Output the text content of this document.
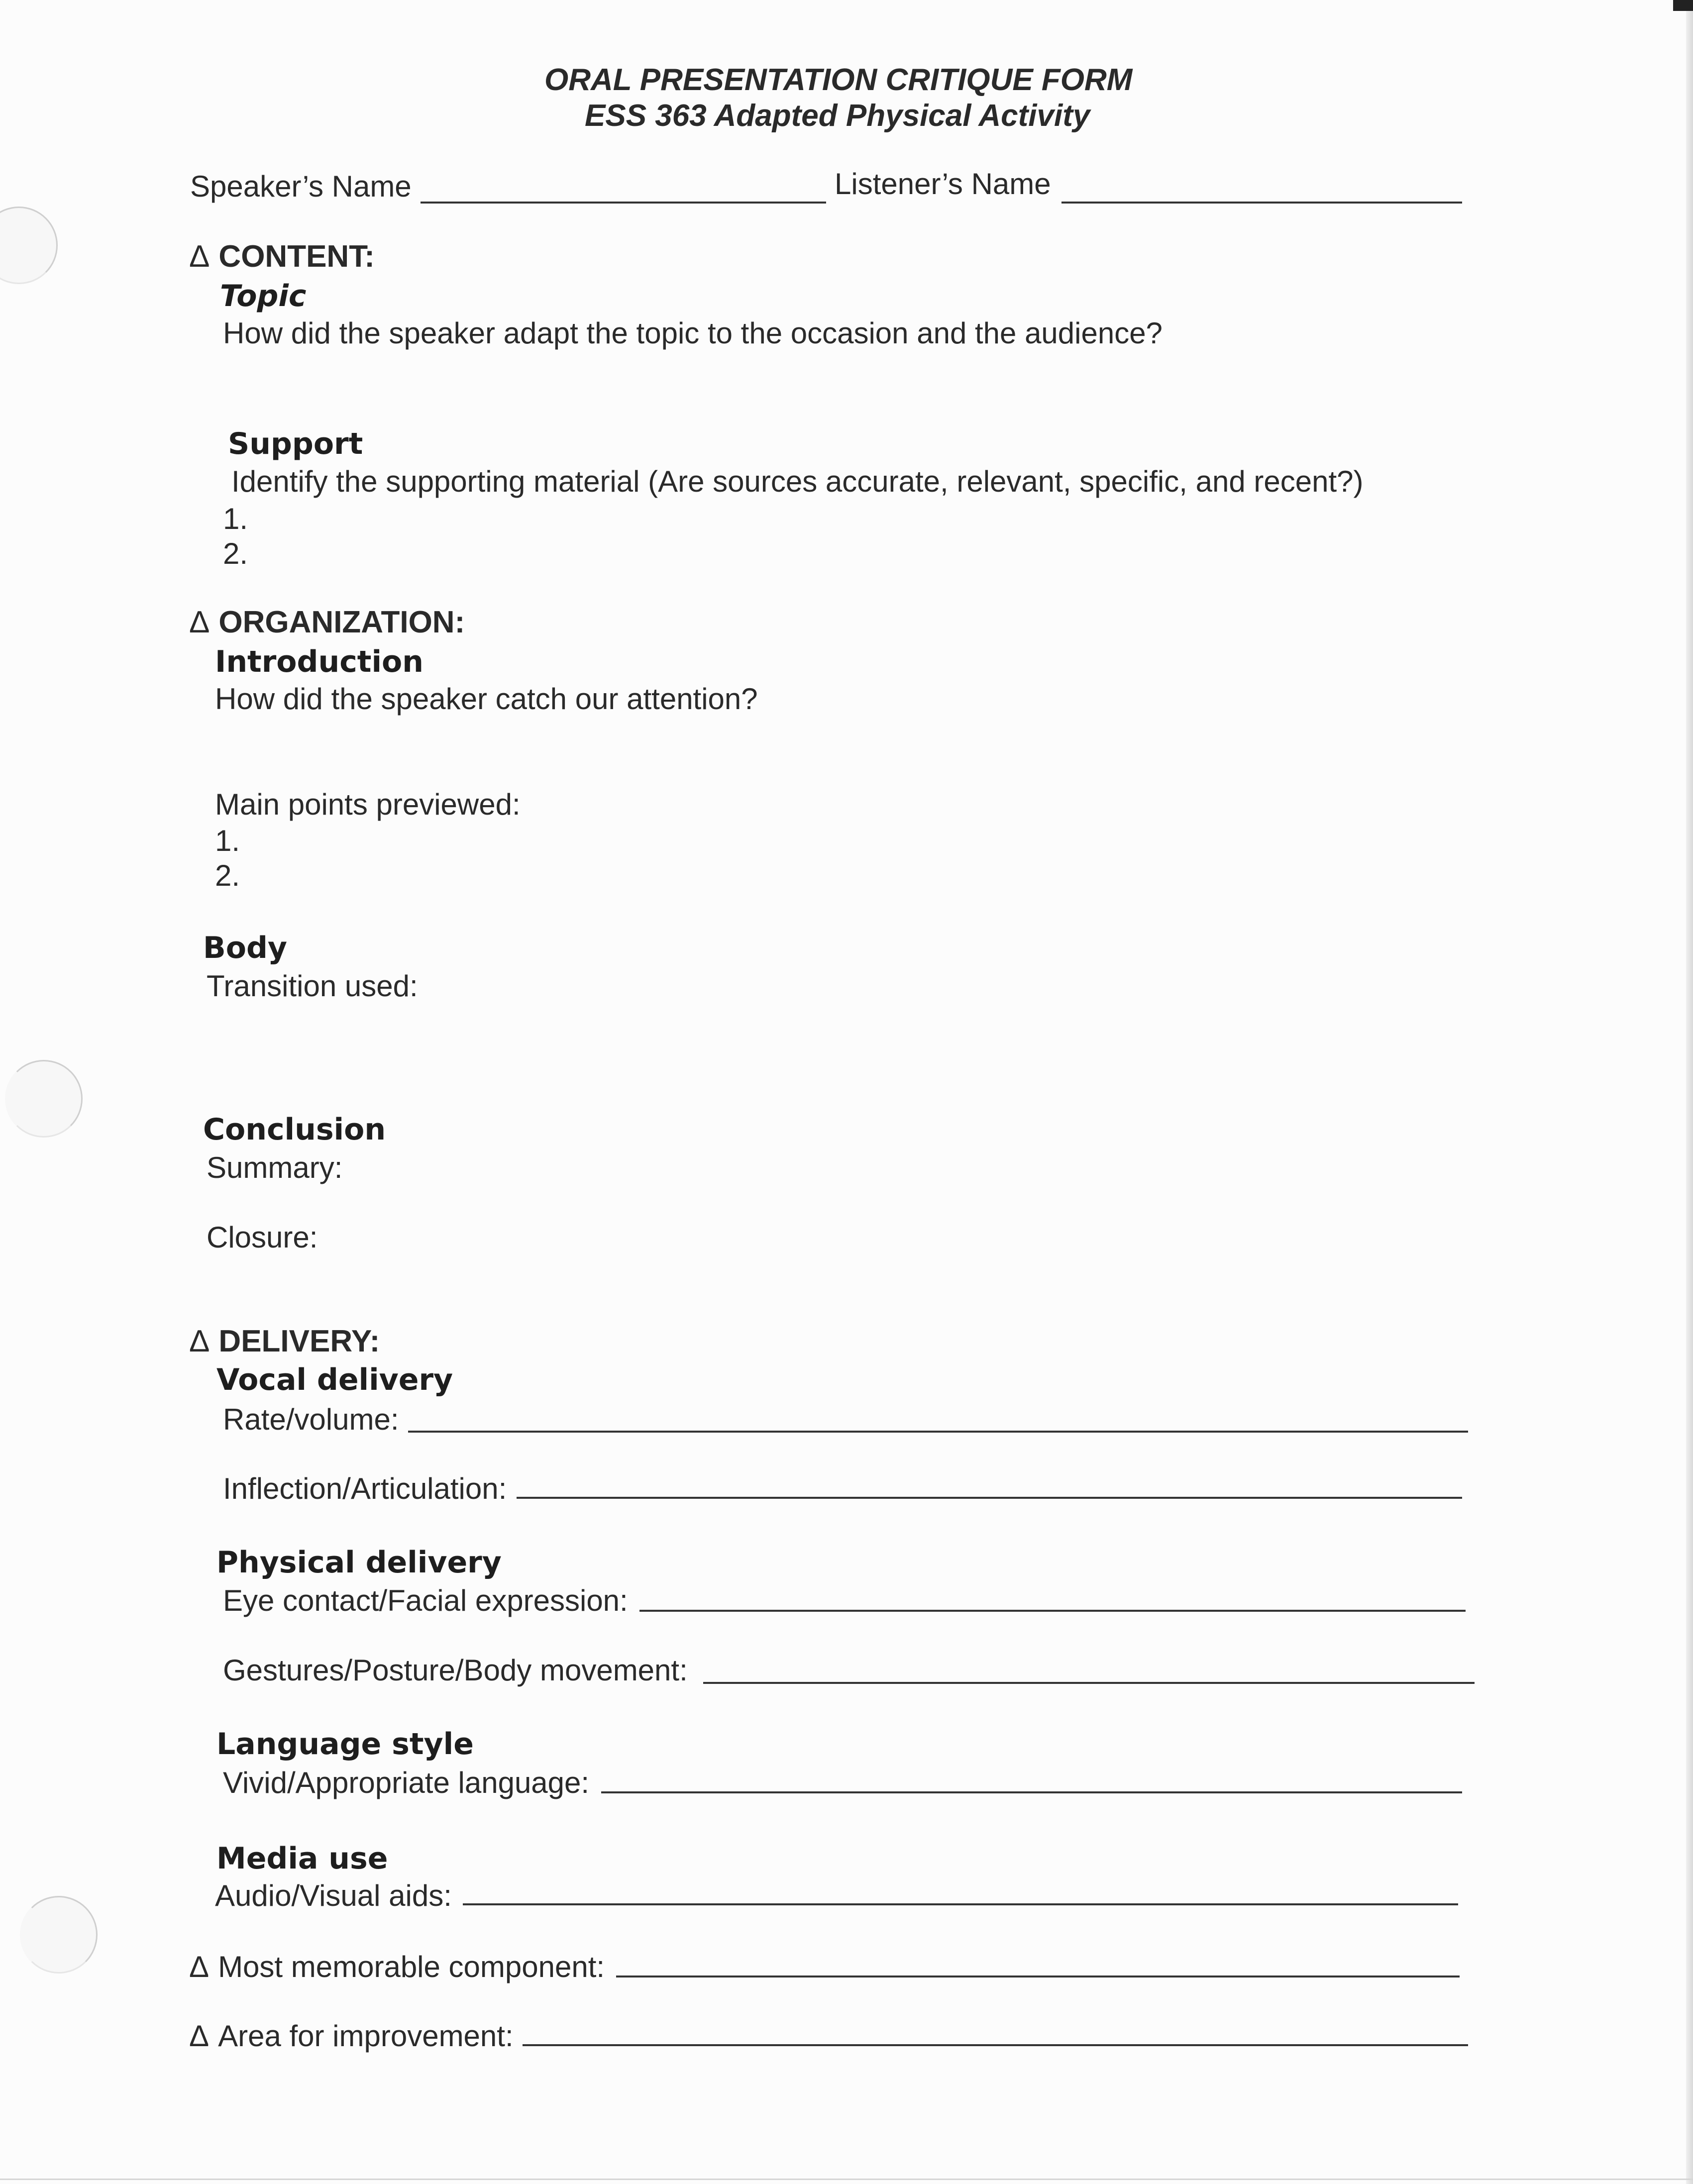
ORAL PRESENTATION CRITIQUE FORM
ESS 363 Adapted Physical Activity
Speaker’s Name	Listener’s Name
Δ CONTENT:
Topic
How did the speaker adapt the topic to the occasion and the audience?
Support
Identify the supporting material (Are sources accurate, relevant, specific, and recent?)
1.
2.
Δ ORGANIZATION:
Introduction
How did the speaker catch our attention?
Main points previewed:
1.
2.
Body
Transition used:
Conclusion
Summary:
Closure:
Δ DELIVERY:
Vocal delivery
Rate/volume:
Inflection/Articulation:
Physical delivery
Eye contact/Facial expression:
Gestures/Posture/Body movement:
Language style
Vivid/Appropriate language:
Media use
Audio/Visual aids:
Δ Most memorable component:
Δ Area for improvement:
